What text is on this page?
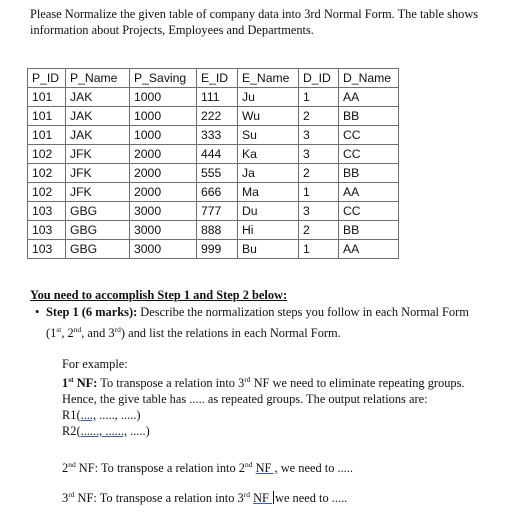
Please Normalize the given table of company data into 3rd Normal Form. The table shows
information about Projects, Employees and Departments.
P_ID	P_Name	P_Saving	E_ID	E_Name	D_ID	D_Name
101	JAK	1000	111	Ju	1	AA
101	JAK	1000	222	Wu	2	BB
101	JAK	1000	333	Su	3	CC
102	JFK	2000	444	Ka	3	CC
102	JFK	2000	555	Ja	2	BB
102	JFK	2000	666	Ma	1	AA
103	GBG	3000	777	Du	3	CC
103	GBG	3000	888	Hi	2	BB
103	GBG	3000	999	Bu	1	AA
You need to accomplish Step 1 and Step 2 below:
• Step 1 (6 marks): Describe the normalization steps you follow in each Normal Form
(1st, 2nd, and 3rd) and list the relations in each Normal Form.
For example:
1st NF: To transpose a relation into 3rd NF we need to eliminate repeating groups.
Hence, the give table has ..... as repeated groups. The output relations are:
R1(...., ....., .....)
R2(......, ......, .....)
2nd NF: To transpose a relation into 2nd NF , we need to .....
3rd NF: To transpose a relation into 3rd NF we need to .....
